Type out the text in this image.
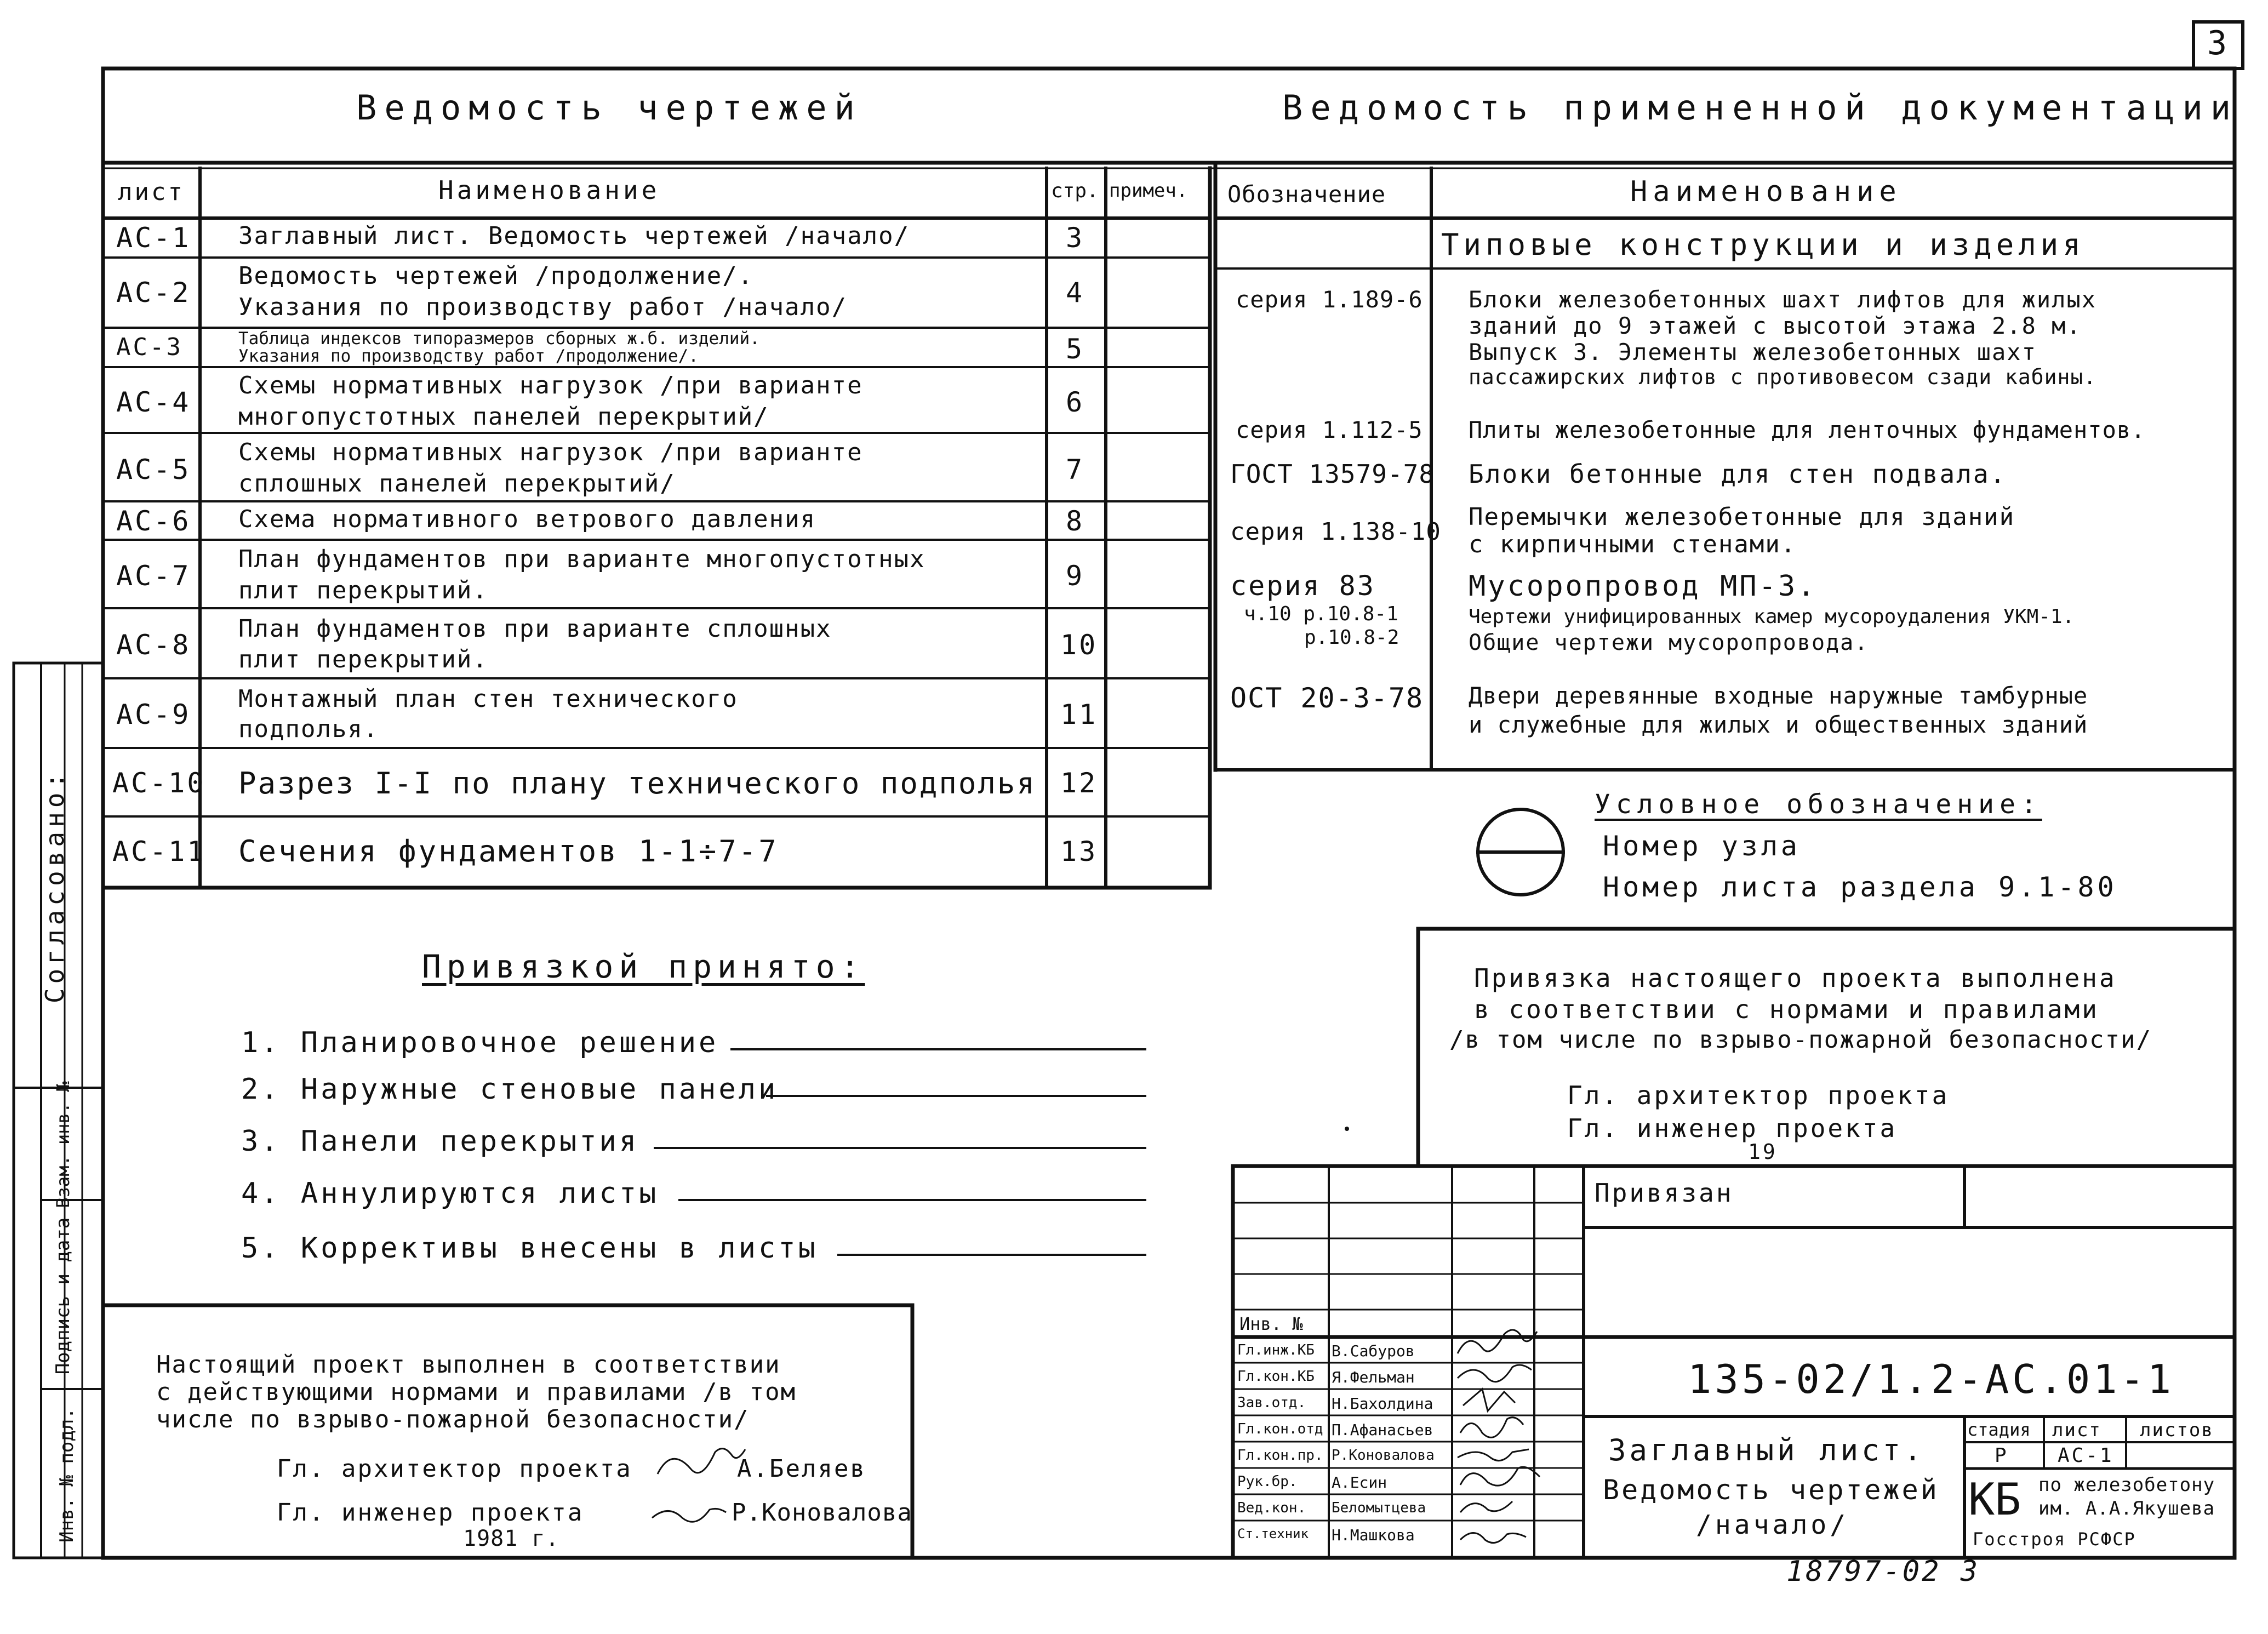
3
Ведомость чертежей	Ведомость примененной документации
лист	Наименование	стр. примеч.
АС-1 Заглавный лист. Ведомость чертежей /начало/	3
АС-2
Ведомость чертежей /продолжение/.
Указания по производству работ /начало/	4
АС-3	Таблица индексов типоразмеров сборных ж.б. изделий.
Указания по производству работ /продолжение/.	5
АС-4
Схемы нормативных нагрузок /при варианте
многопустотных панелей перекрытий/	6
АС-5
Схемы нормативных нагрузок /при варианте
сплошных панелей перекрытий/	7
АС-6 Схема нормативного ветрового давления	8
АС-7
План фундаментов при варианте многопустотных
плит перекрытий.	9
АС-8
План фундаментов при варианте сплошных
плит перекрытий.	10
АС-9 Монтажный план стен технического
подполья.	11
АС-10 Разрез I-I по плану технического подполья 12
АС-11 Сечения фундаментов 1-1÷7-7	13
Обозначение	Наименование
Типовые конструкции и изделия
серия 1.189-6 Блоки железобетонных шахт лифтов для жилых
зданий до 9 этажей с высотой этажа 2.8 м.
Выпуск 3. Элементы железобетонных шахт
пассажирских лифтов с противовесом сзади кабины.
серия 1.112-5 Плиты железобетонные для ленточных фундаментов.
ГОСТ 13579-78 Блоки бетонные для стен подвала.
серия 1.138-10
Перемычки железобетонные для зданий
с кирпичными стенами.
серия 83
ч.10 р.10.8-1
р.10.8-2
Мусоропровод МП-3.
Чертежи унифицированных камер мусороудаления УКМ-1.
Общие чертежи мусоропровода.
ОСТ 20-3-78 Двери деревянные входные наружные тамбурные
и служебные для жилых и общественных зданий
Условное обозначение:
Номер узла
Номер листа раздела 9.1-80
Привязкой принято:
1. Планировочное решение
2. Наружные стеновые панели
3. Панели перекрытия
4. Аннулируются листы
5. Коррективы внесены в листы
Привязка настоящего проекта выполнена
в соответствии с нормами и правилами
/в том числе по взрыво-пожарной безопасности/
Гл. архитектор проекта
Гл. инженер проекта
19
Настоящий проект выполнен в соответствии
с действующими нормами и правилами /в том
числе по взрыво-пожарной безопасности/
Гл. архитектор проекта	А.Беляев
Гл. инженер проекта	Р.Коновалова
1981 г.
Согласовано:
Инв. № подл.
Подпись и дата
Взам. инв. №	Привязан
Инв. №
Гл.инж.КБ В.Сабуров
Гл.кон.КБ Я.Фельман
Зав.отд. Н.Бахолдина
Гл.кон.отд П.Афанасьев
Гл.кон.пр. Р.Коновалова
Рук.бр. А.Есин
Вед.кон. Беломытцева
Ст.техник Н.Машкова
135-02/1.2-АС.01-1
Заглавный лист.
Ведомость чертежей
/начало/
стадия лист листов
Р АС-1
КБ по железобетону
им. А.А.Якушева
Госстроя РСФСР
18797-02 3
